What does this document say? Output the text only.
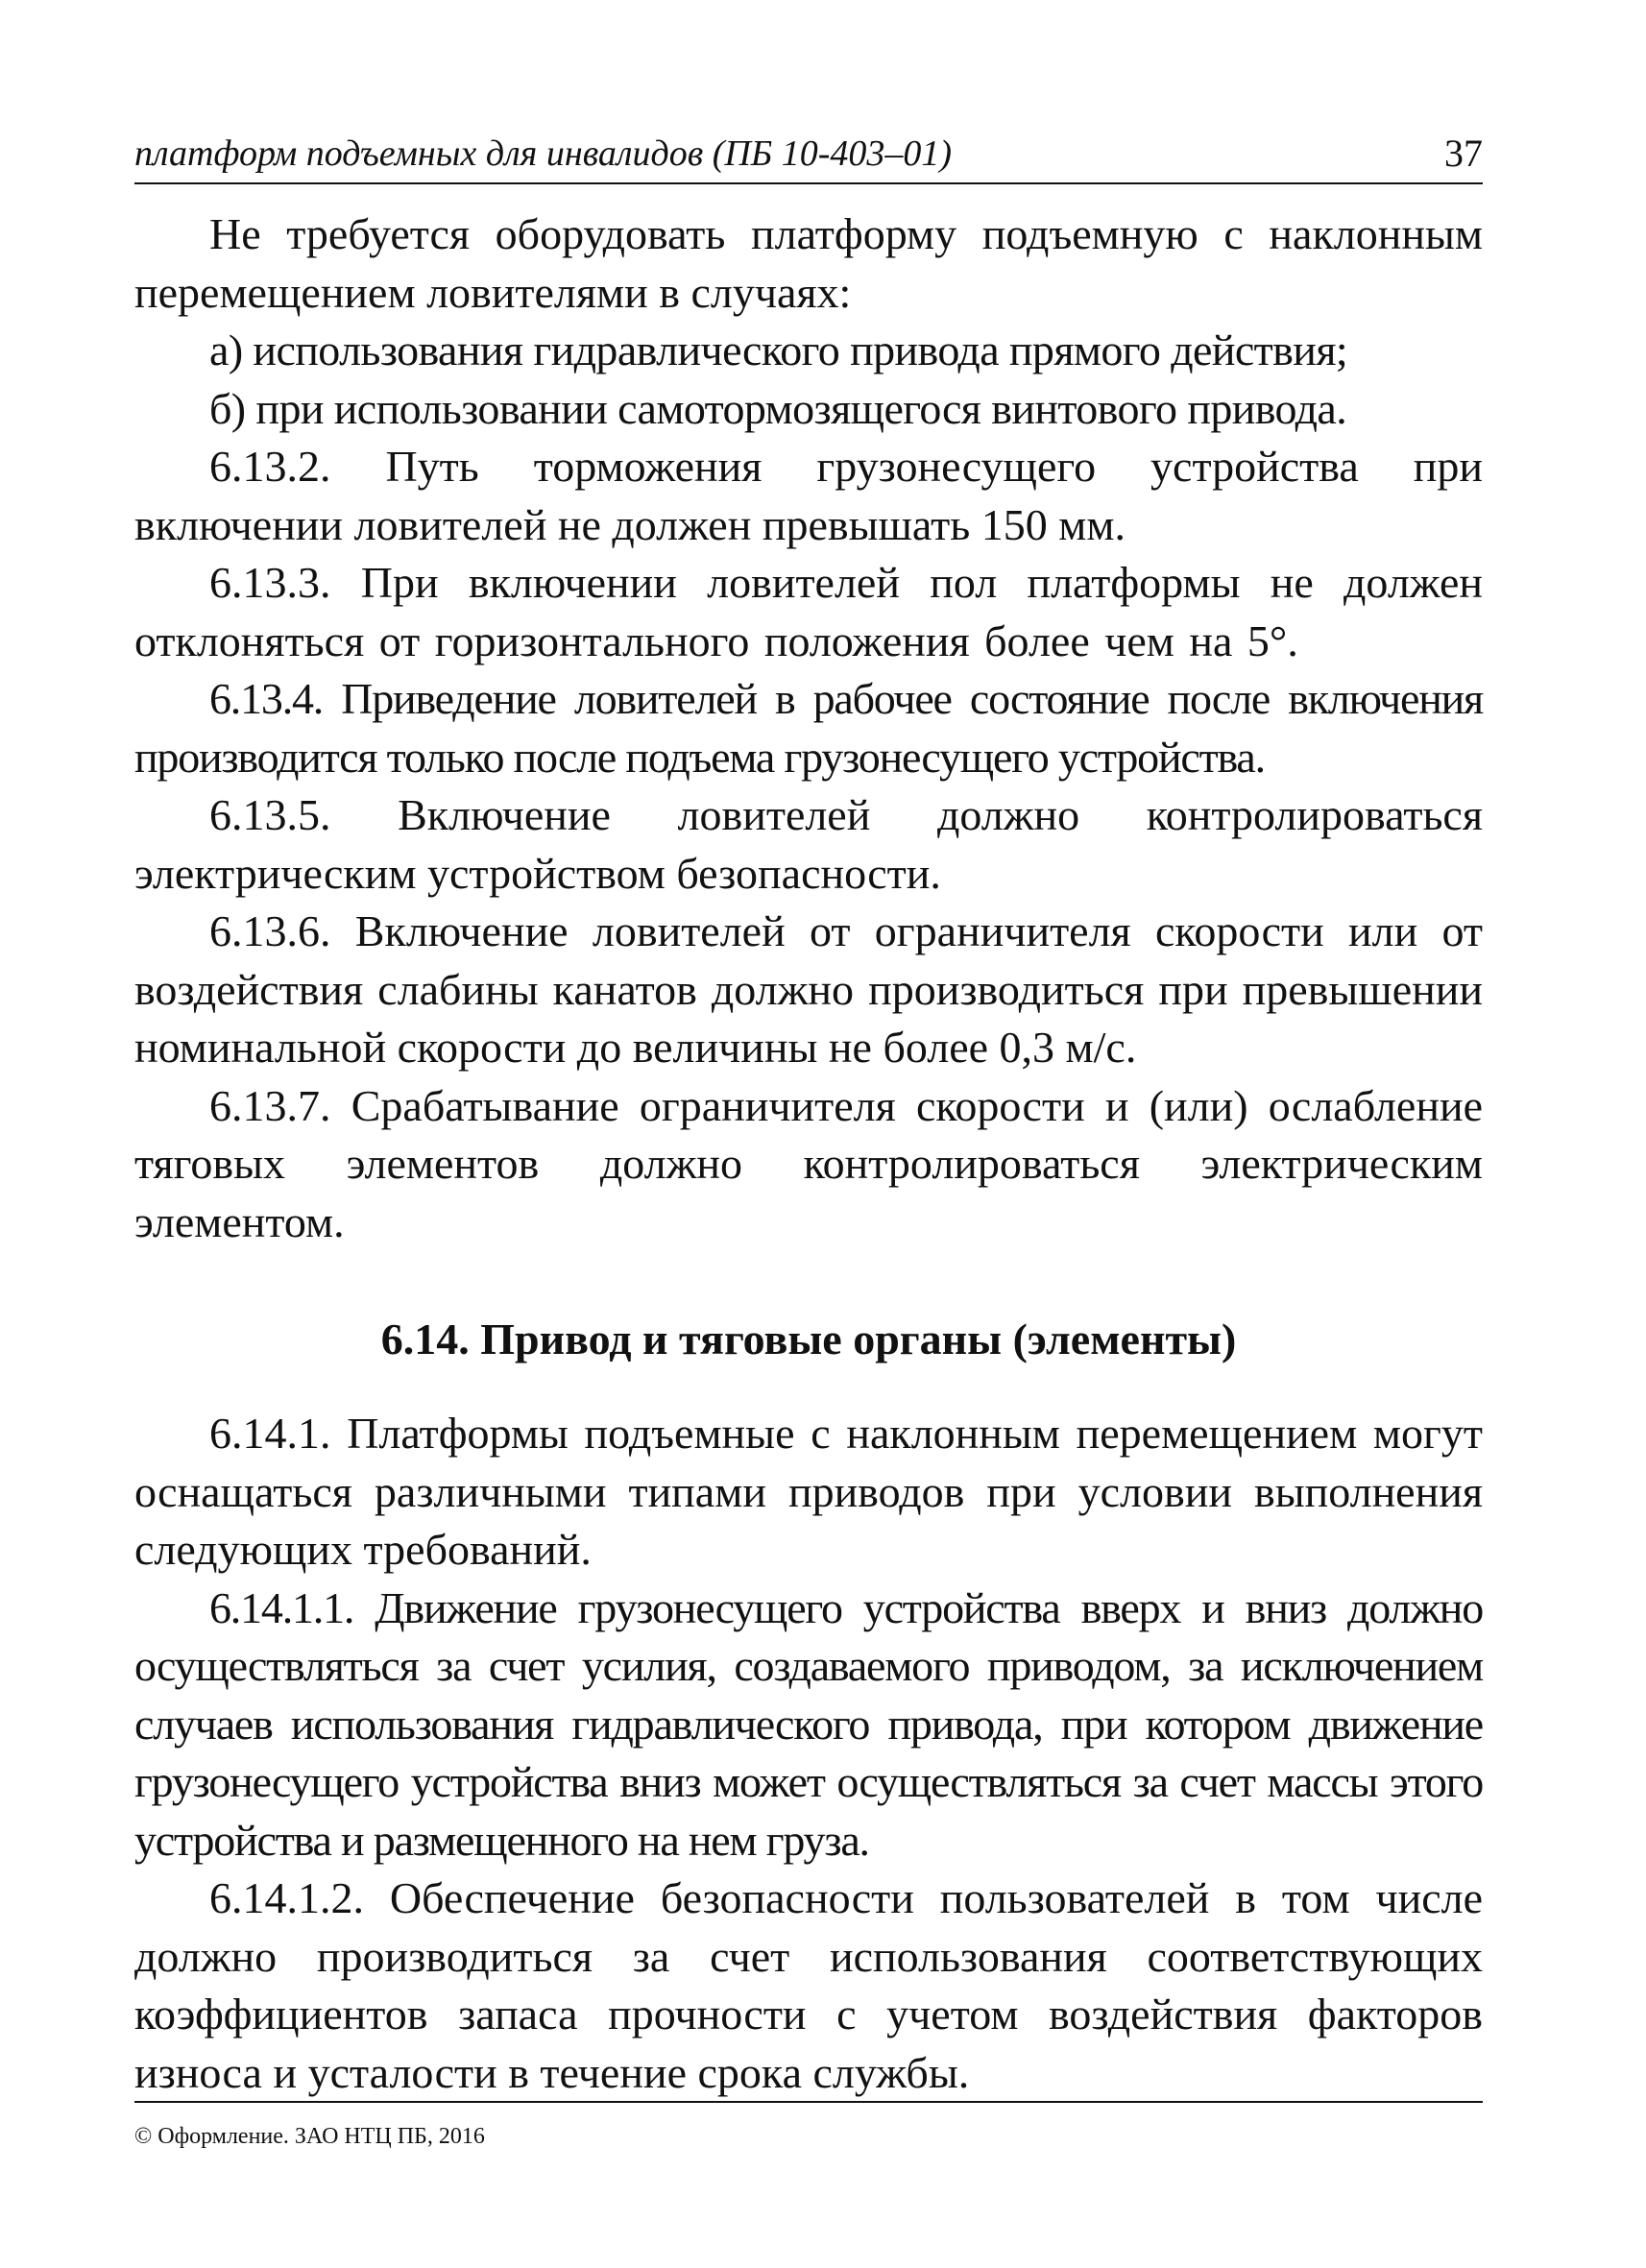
платформ подъемных для инвалидов (ПБ 10-403–01)	37

Не требуется оборудовать платформу подъемную с наклонным перемещением ловителями в случаях:

а) использования гидравлического привода прямого действия;

б) при использовании самотормозящегося винтового привода.

6.13.2. Путь торможения грузонесущего устройства при включении ловителей не должен превышать 150 мм.

6.13.3. При включении ловителей пол платформы не должен отклоняться от горизонтального положения более чем на 5°.

6.13.4. Приведение ловителей в рабочее состояние после включения производится только после подъема грузонесущего устройства.

6.13.5. Включение ловителей должно контролироваться электрическим устройством безопасности.

6.13.6. Включение ловителей от ограничителя скорости или от воздействия слабины канатов должно производиться при превышении номинальной скорости до величины не более 0,3 м/с.

6.13.7. Срабатывание ограничителя скорости и (или) ослабление тяговых элементов должно контролироваться электрическим элементом.

6.14. Привод и тяговые органы (элементы)

6.14.1. Платформы подъемные с наклонным перемещением могут оснащаться различными типами приводов при условии выполнения следующих требований.

6.14.1.1. Движение грузонесущего устройства вверх и вниз должно осуществляться за счет усилия, создаваемого приводом, за исключением случаев использования гидравлического привода, при котором движение грузонесущего устройства вниз может осуществляться за счет массы этого устройства и размещенного на нем груза.

6.14.1.2. Обеспечение безопасности пользователей в том числе должно производиться за счет использования соответствующих коэффициентов запаса прочности с учетом воздействия факторов износа и усталости в течение срока службы.

© Оформление. ЗАО НТЦ ПБ, 2016
